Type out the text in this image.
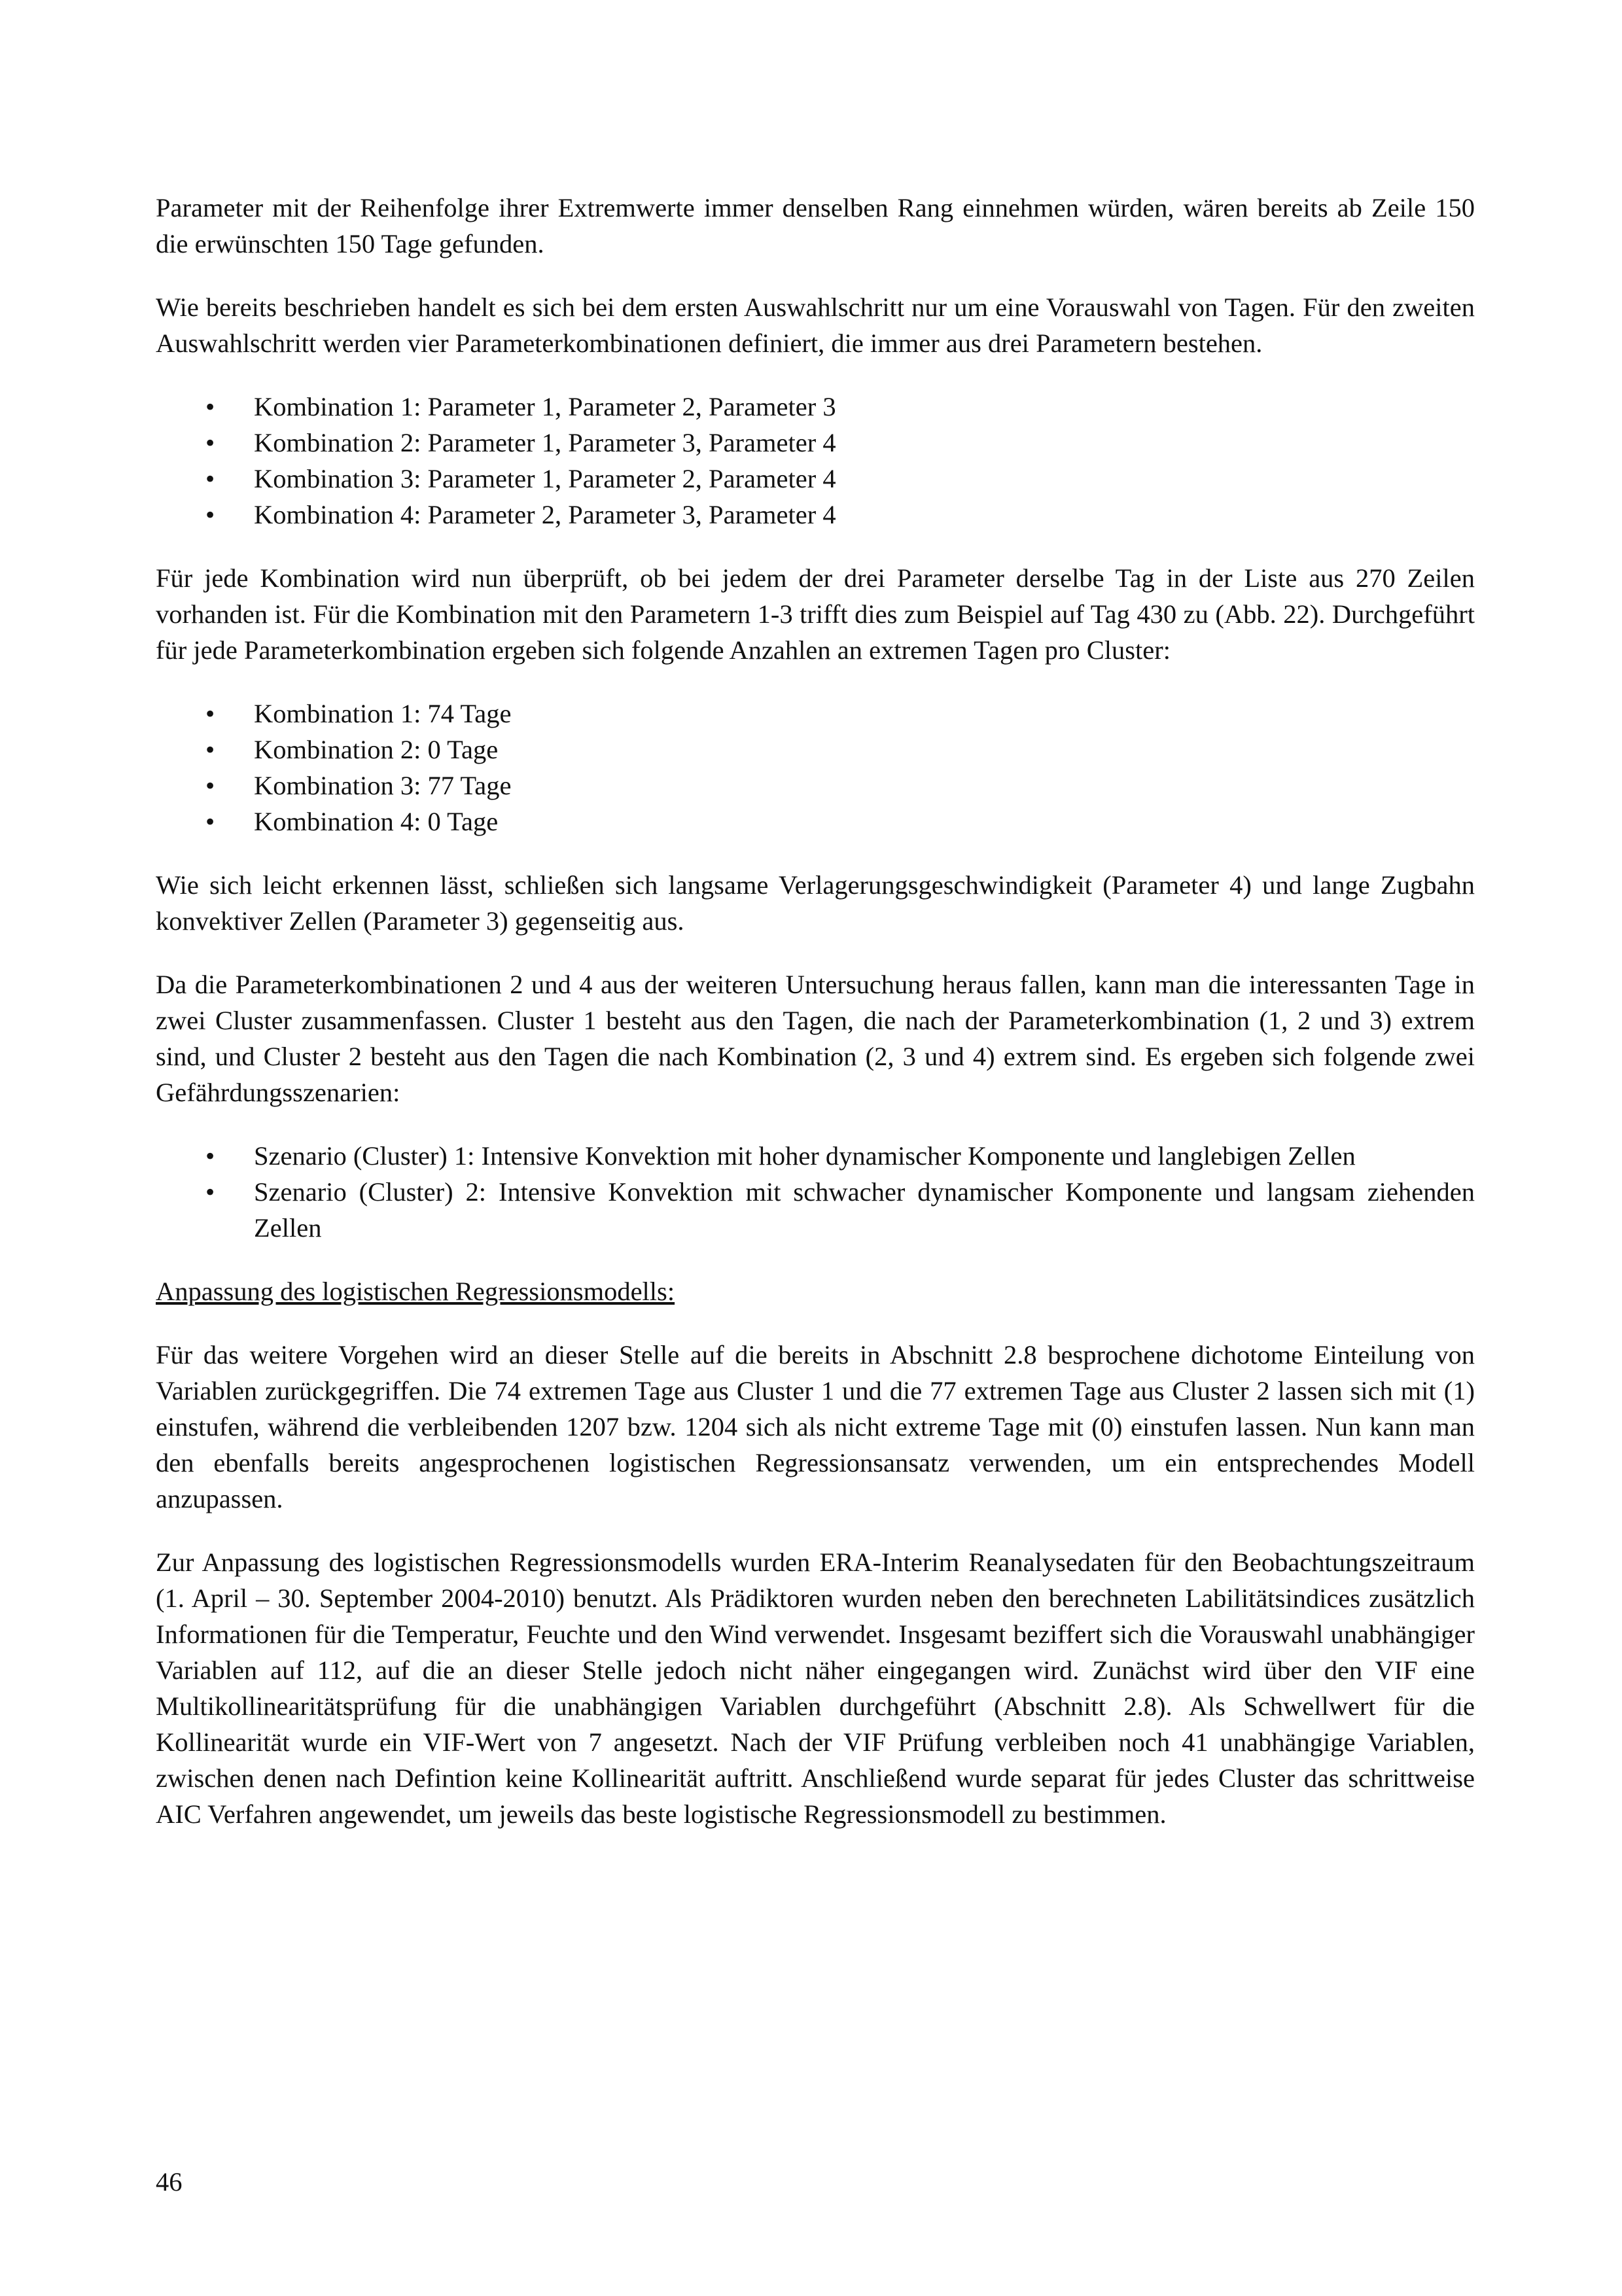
Parameter mit der Reihenfolge ihrer Extremwerte immer denselben Rang einnehmen würden, wären bereits ab Zeile 150 die erwünschten 150 Tage gefunden.

Wie bereits beschrieben handelt es sich bei dem ersten Auswahlschritt nur um eine Vorauswahl von Tagen. Für den zweiten Auswahlschritt werden vier Parameterkombinationen definiert, die immer aus drei Parametern bestehen.

• Kombination 1: Parameter 1, Parameter 2, Parameter 3
• Kombination 2: Parameter 1, Parameter 3, Parameter 4
• Kombination 3: Parameter 1, Parameter 2, Parameter 4
• Kombination 4: Parameter 2, Parameter 3, Parameter 4

Für jede Kombination wird nun überprüft, ob bei jedem der drei Parameter derselbe Tag in der Liste aus 270 Zeilen vorhanden ist. Für die Kombination mit den Parametern 1-3 trifft dies zum Beispiel auf Tag 430 zu (Abb. 22). Durchgeführt für jede Parameterkombination ergeben sich folgende Anzahlen an extremen Tagen pro Cluster:

• Kombination 1: 74 Tage
• Kombination 2: 0 Tage
• Kombination 3: 77 Tage
• Kombination 4: 0 Tage

Wie sich leicht erkennen lässt, schließen sich langsame Verlagerungsgeschwindigkeit (Parameter 4) und lange Zugbahn konvektiver Zellen (Parameter 3) gegenseitig aus.

Da die Parameterkombinationen 2 und 4 aus der weiteren Untersuchung heraus fallen, kann man die interessanten Tage in zwei Cluster zusammenfassen. Cluster 1 besteht aus den Tagen, die nach der Parameterkombination (1, 2 und 3) extrem sind, und Cluster 2 besteht aus den Tagen die nach Kombination (2, 3 und 4) extrem sind. Es ergeben sich folgende zwei Gefährdungsszenarien:

• Szenario (Cluster) 1: Intensive Konvektion mit hoher dynamischer Komponente und langlebigen Zellen
• Szenario (Cluster) 2: Intensive Konvektion mit schwacher dynamischer Komponente und langsam ziehenden Zellen
Anpassung des logistischen Regressionsmodells:

Für das weitere Vorgehen wird an dieser Stelle auf die bereits in Abschnitt 2.8 besprochene dichotome Einteilung von Variablen zurückgegriffen. Die 74 extremen Tage aus Cluster 1 und die 77 extremen Tage aus Cluster 2 lassen sich mit (1) einstufen, während die verbleibenden 1207 bzw. 1204 sich als nicht extreme Tage mit (0) einstufen lassen. Nun kann man den ebenfalls bereits angesprochenen logistischen Regressionsansatz verwenden, um ein entsprechendes Modell anzupassen.

Zur Anpassung des logistischen Regressionsmodells wurden ERA-Interim Reanalysedaten für den Beobachtungszeitraum (1. April – 30. September 2004-2010) benutzt. Als Prädiktoren wurden neben den berechneten Labilitätsindices zusätzlich Informationen für die Temperatur, Feuchte und den Wind verwendet. Insgesamt beziffert sich die Vorauswahl unabhängiger Variablen auf 112, auf die an dieser Stelle jedoch nicht näher eingegangen wird. Zunächst wird über den VIF eine Multikollinearitätsprüfung für die unabhängigen Variablen durchgeführt (Abschnitt 2.8). Als Schwellwert für die Kollinearität wurde ein VIF-Wert von 7 angesetzt. Nach der VIF Prüfung verbleiben noch 41 unabhängige Variablen, zwischen denen nach Defintion keine Kollinearität auftritt. Anschließend wurde separat für jedes Cluster das schrittweise AIC Verfahren angewendet, um jeweils das beste logistische Regressionsmodell zu bestimmen.

46
